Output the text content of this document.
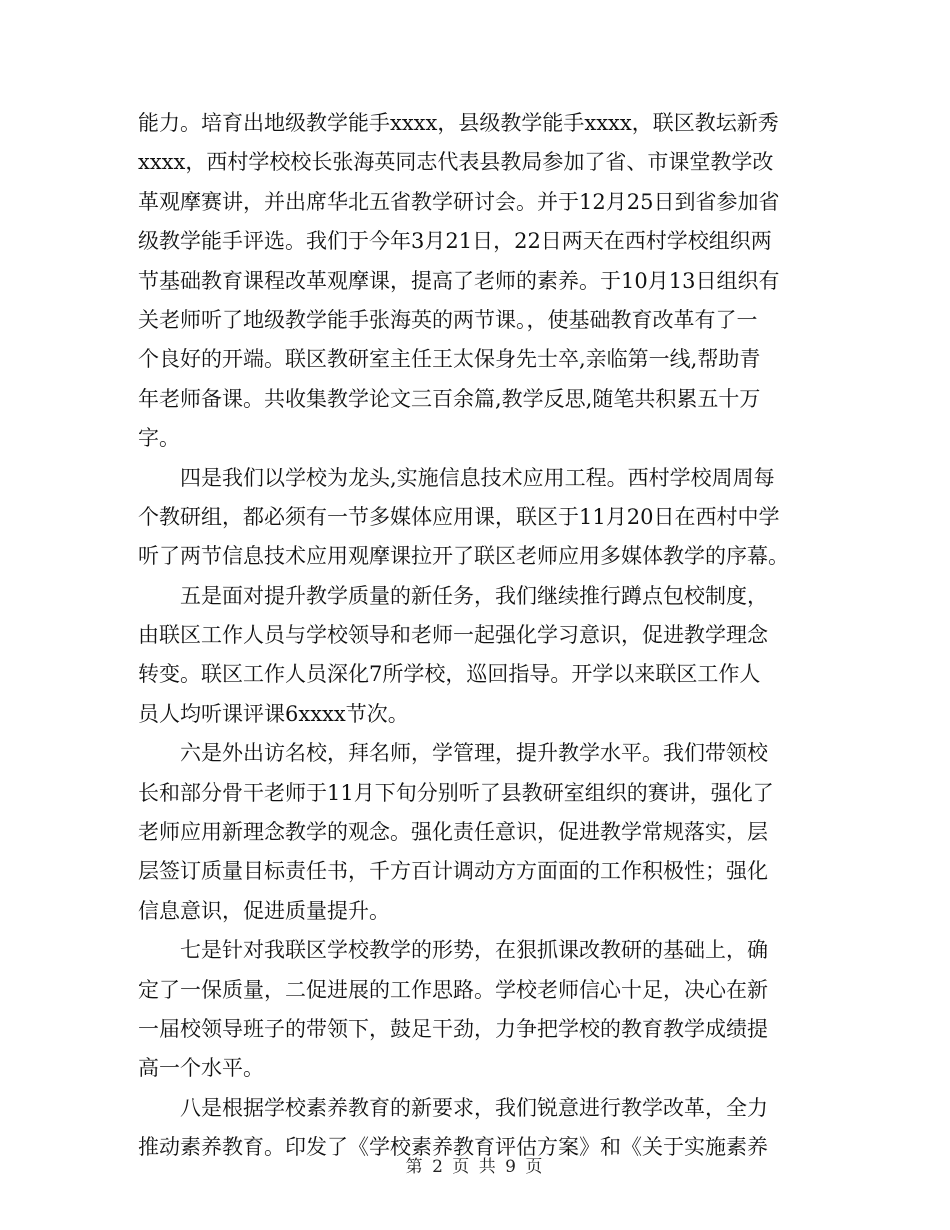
能力。培育出地级教学能手xxxx，县级教学能手xxxx，联区教坛新秀
xxxx，西村学校校长张海英同志代表县教局参加了省、市课堂教学改
革观摩赛讲，并出席华北五省教学研讨会。并于12月25日到省参加省
级教学能手评选。我们于今年3月21日，22日两天在西村学校组织两
节基础教育课程改革观摩课，提高了老师的素养。于10月13日组织有
关老师听了地级教学能手张海英的两节课。，使基础教育改革有了一
个良好的开端。联区教研室主任王太保身先士卒,亲临第一线,帮助青
年老师备课。共收集教学论文三百余篇,教学反思,随笔共积累五十万
字。
四是我们以学校为龙头,实施信息技术应用工程。西村学校周周每
个教研组，都必须有一节多媒体应用课，联区于11月20日在西村中学
听了两节信息技术应用观摩课拉开了联区老师应用多媒体教学的序幕。
五是面对提升教学质量的新任务，我们继续推行蹲点包校制度，
由联区工作人员与学校领导和老师一起强化学习意识，促进教学理念
转变。联区工作人员深化7所学校，巡回指导。开学以来联区工作人
员人均听课评课6xxxx节次。
六是外出访名校，拜名师，学管理，提升教学水平。我们带领校
长和部分骨干老师于11月下旬分别听了县教研室组织的赛讲，强化了
老师应用新理念教学的观念。强化责任意识，促进教学常规落实，层
层签订质量目标责任书，千方百计调动方方面面的工作积极性；强化
信息意识，促进质量提升。
七是针对我联区学校教学的形势，在狠抓课改教研的基础上，确
定了一保质量，二促进展的工作思路。学校老师信心十足，决心在新
一届校领导班子的带领下，鼓足干劲，力争把学校的教育教学成绩提
高一个水平。
八是根据学校素养教育的新要求，我们锐意进行教学改革，全力
推动素养教育。印发了《学校素养教育评估方案》和《关于实施素养
第 2 页 共 9 页
